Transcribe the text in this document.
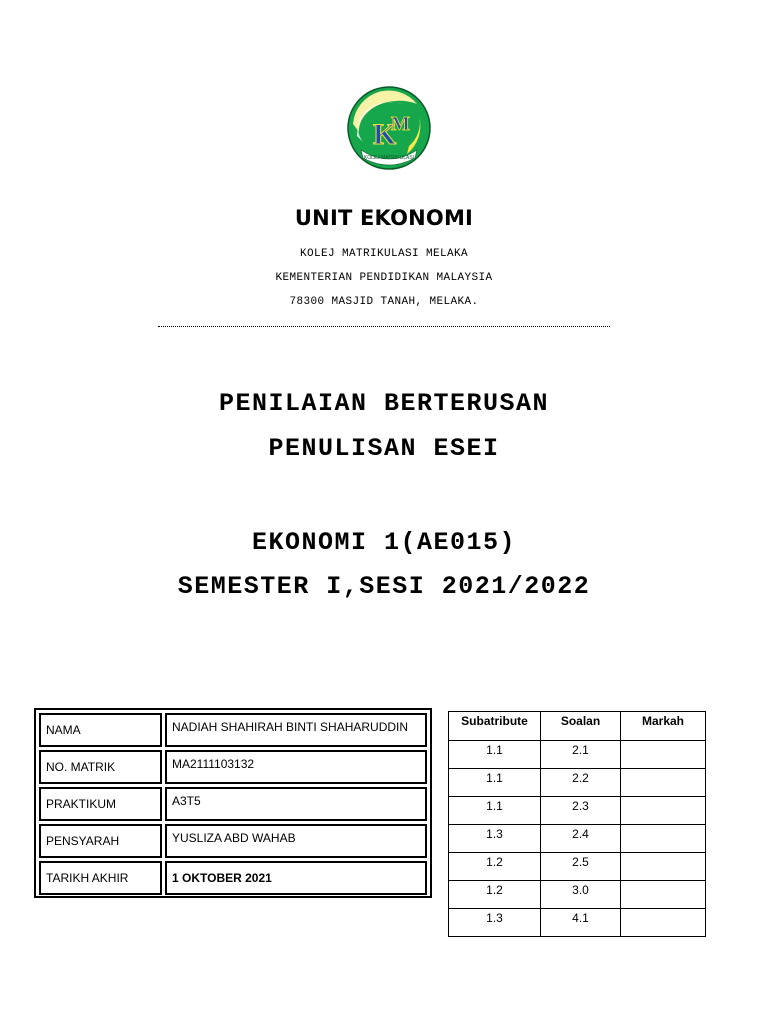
K
M
KOLEJ MATRIKULASI
UNIT EKONOMI
KOLEJ MATRIKULASI MELAKA
KEMENTERIAN PENDIDIKAN MALAYSIA
78300 MASJID TANAH, MELAKA.
PENILAIAN BERTERUSAN
PENULISAN ESEI
EKONOMI 1(AE015)
SEMESTER I,SESI 2021/2022
NAMA	NADIAH SHAHIRAH BINTI SHAHARUDDIN
NO. MATRIK	MA2111103132
PRAKTIKUM	A3T5
PENSYARAH	YUSLIZA ABD WAHAB
TARIKH AKHIR	1 OKTOBER 2021
Subatribute	Soalan	Markah
1.1	2.1	
1.1	2.2	
1.1	2.3	
1.3	2.4	
1.2	2.5	
1.2	3.0	
1.3	4.1	
